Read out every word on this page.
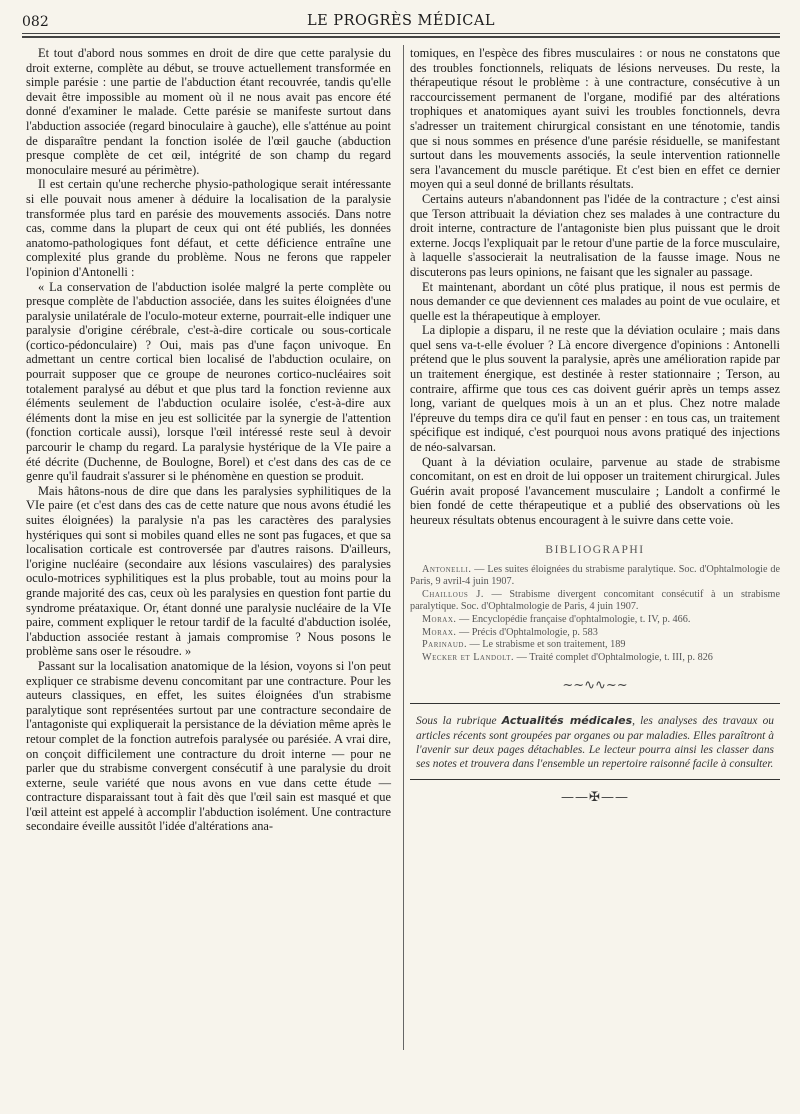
082	LE PROGRÈS MÉDICAL

Et tout d'abord nous sommes en droit de dire que cette paralysie du droit externe, complète au début, se trouve actuellement transformée en simple parésie : une partie de l'abduction étant recouvrée, tandis qu'elle devait être impossible au moment où il ne nous avait pas encore été donné d'examiner le malade. Cette parésie se manifeste surtout dans l'abduction associée (regard binoculaire à gauche), elle s'atténue au point de disparaître pendant la fonction isolée de l'œil gauche (abduction presque complète de cet œil, intégrité de son champ du regard monoculaire mesuré au périmètre).

Il est certain qu'une recherche physio-pathologique serait intéressante si elle pouvait nous amener à déduire la localisation de la paralysie transformée plus tard en parésie des mouvements associés. Dans notre cas, comme dans la plupart de ceux qui ont été publiés, les données anatomo-pathologiques font défaut, et cette déficience entraîne une complexité plus grande du problème. Nous ne ferons que rappeler l'opinion d'Antonelli :

« La conservation de l'abduction isolée malgré la perte complète ou presque complète de l'abduction associée, dans les suites éloignées d'une paralysie unilatérale de l'oculo-moteur externe, pourrait-elle indiquer une paralysie d'origine cérébrale, c'est-à-dire corticale ou sous-corticale (cortico-pédonculaire) ? Oui, mais pas d'une façon univoque. En admettant un centre cortical bien localisé de l'abduction oculaire, on pourrait supposer que ce groupe de neurones cortico-nucléaires soit totalement paralysé au début et que plus tard la fonction revienne aux éléments seulement de l'abduction oculaire isolée, c'est-à-dire aux éléments dont la mise en jeu est sollicitée par la synergie de l'attention (fonction corticale aussi), lorsque l'œil intéressé reste seul à devoir parcourir le champ du regard. La paralysie hystérique de la VIe paire a été décrite (Duchenne, de Boulogne, Borel) et c'est dans des cas de ce genre qu'il faudrait s'assurer si le phénomène en question se produit.

Mais hâtons-nous de dire que dans les paralysies syphilitiques de la VIe paire (et c'est dans des cas de cette nature que nous avons étudié les suites éloignées) la paralysie n'a pas les caractères des paralysies hystériques qui sont si mobiles quand elles ne sont pas fugaces, et que sa localisation corticale est controversée par d'autres raisons. D'ailleurs, l'origine nucléaire (secondaire aux lésions vasculaires) des paralysies oculo-motrices syphilitiques est la plus probable, tout au moins pour la grande majorité des cas, ceux où les paralysies en question font partie du syndrome préataxique. Or, étant donné une paralysie nucléaire de la VIe paire, comment expliquer le retour tardif de la faculté d'abduction isolée, l'abduction associée restant à jamais compromise ? Nous posons le problème sans oser le résoudre. »

Passant sur la localisation anatomique de la lésion, voyons si l'on peut expliquer ce strabisme devenu concomitant par une contracture. Pour les auteurs classiques, en effet, les suites éloignées d'un strabisme paralytique sont représentées surtout par une contracture secondaire de l'antagoniste qui expliquerait la persistance de la déviation même après le retour complet de la fonction autrefois paralysée ou parésiée. A vrai dire, on conçoit difficilement une contracture du droit interne — pour ne parler que du strabisme convergent consécutif à une paralysie du droit externe, seule variété que nous avons en vue dans cette étude — contracture disparaissant tout à fait dès que l'œil sain est masqué et que l'œil atteint est appelé à accomplir l'abduction isolément. Une contracture secondaire éveille aussitôt l'idée d'altérations ana-

tomiques, en l'espèce des fibres musculaires : or nous ne constatons que des troubles fonctionnels, reliquats de lésions nerveuses. Du reste, la thérapeutique résout le problème : à une contracture, consécutive à un raccourcissement permanent de l'organe, modifié par des altérations trophiques et anatomiques ayant suivi les troubles fonctionnels, devra s'adresser un traitement chirurgical consistant en une ténotomie, tandis que si nous sommes en présence d'une parésie résiduelle, se manifestant surtout dans les mouvements associés, la seule intervention rationnelle sera l'avancement du muscle parétique. Et c'est bien en effet ce dernier moyen qui a seul donné de brillants résultats.

Certains auteurs n'abandonnent pas l'idée de la contracture ; c'est ainsi que Terson attribuait la déviation chez ses malades à une contracture du droit interne, contracture de l'antagoniste bien plus puissant que le droit externe. Jocqs l'expliquait par le retour d'une partie de la force musculaire, à laquelle s'associerait la neutralisation de la fausse image. Nous ne discuterons pas leurs opinions, ne faisant que les signaler au passage.

Et maintenant, abordant un côté plus pratique, il nous est permis de nous demander ce que deviennent ces malades au point de vue oculaire, et quelle est la thérapeutique à employer.

La diplopie a disparu, il ne reste que la déviation oculaire ; mais dans quel sens va-t-elle évoluer ? Là encore divergence d'opinions : Antonelli prétend que le plus souvent la paralysie, après une amélioration rapide par un traitement énergique, est destinée à rester stationnaire ; Terson, au contraire, affirme que tous ces cas doivent guérir après un temps assez long, variant de quelques mois à un an et plus. Chez notre malade l'épreuve du temps dira ce qu'il faut en penser : en tous cas, un traitement spécifique est indiqué, c'est pourquoi nous avons pratiqué des injections de néo-salvarsan.

Quant à la déviation oculaire, parvenue au stade de strabisme concomitant, on est en droit de lui opposer un traitement chirurgical. Jules Guérin avait proposé l'avancement musculaire ; Landolt a confirmé le bien fondé de cette thérapeutique et a publié des observations où les heureux résultats obtenus encouragent à le suivre dans cette voie.

BIBLIOGRAPHI

Antonelli. — Les suites éloignées du strabisme paralytique. Soc. d'Ophtalmologie de Paris, 9 avril-4 juin 1907.

Chaillous J. — Strabisme divergent concomitant consécutif à un strabisme paralytique. Soc. d'Ophtalmologie de Paris, 4 juin 1907.

Morax. — Encyclopédie française d'ophtalmologie, t. IV, p. 466.

Morax. — Précis d'Ophtalmologie, p. 583

Parinaud. — Le strabisme et son traitement, 189

Wecker et Landolt. — Traité complet d'Ophtalmologie, t. III, p. 826

~~∿∿~~

Sous la rubrique Actualités médicales, les analyses des travaux ou articles récents sont groupées par organes ou par maladies. Elles paraîtront à l'avenir sur deux pages détachables. Le lecteur pourra ainsi les classer dans ses notes et trouvera dans l'ensemble un repertoire raisonné facile à consulter.

——✠——
